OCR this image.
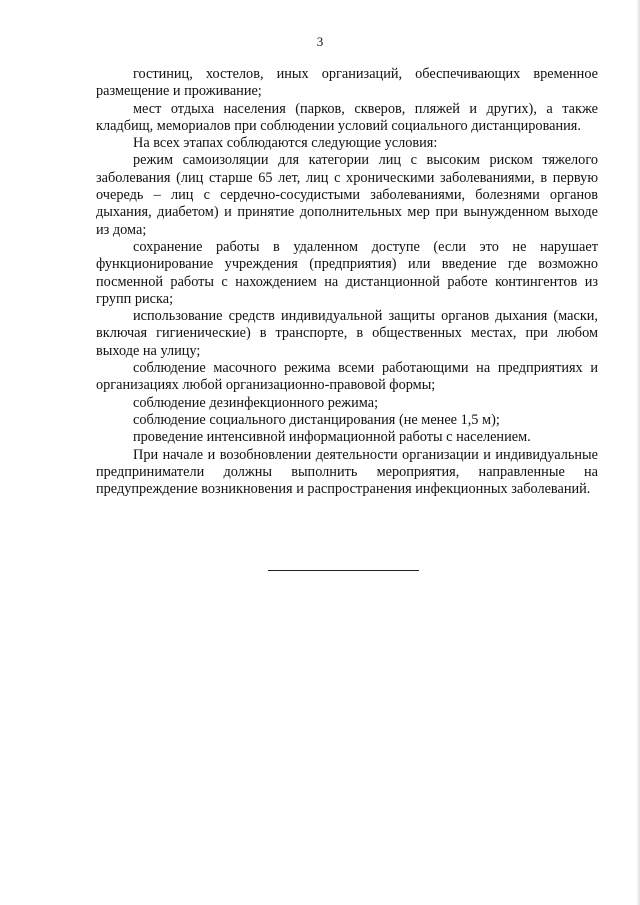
3

гостиниц, хостелов, иных организаций, обеспечивающих временное размещение и проживание;

мест отдыха населения (парков, скверов, пляжей и других), а также кладбищ, мемориалов при соблюдении условий социального дистанцирования.

На всех этапах соблюдаются следующие условия:

режим самоизоляции для категории лиц с высоким риском тяжелого заболевания (лиц старше 65 лет, лиц с хроническими заболеваниями, в первую очередь – лиц с сердечно-сосудистыми заболеваниями, болезнями органов дыхания, диабетом) и принятие дополнительных мер при вынужденном выходе из дома;

сохранение работы в удаленном доступе (если это не нарушает функционирование учреждения (предприятия) или введение где возможно посменной работы с нахождением на дистанционной работе контингентов из групп риска;

использование средств индивидуальной защиты органов дыхания (маски, включая гигиенические) в транспорте, в общественных местах, при любом выходе на улицу;

соблюдение масочного режима всеми работающими на предприятиях и организациях любой организационно-правовой формы;

соблюдение дезинфекционного режима;

соблюдение социального дистанцирования (не менее 1,5 м);

проведение интенсивной информационной работы с населением.

При начале и возобновлении деятельности организации и индивидуальные предприниматели должны выполнить мероприятия, направленные на предупреждение возникновения и распространения инфекционных заболеваний.
